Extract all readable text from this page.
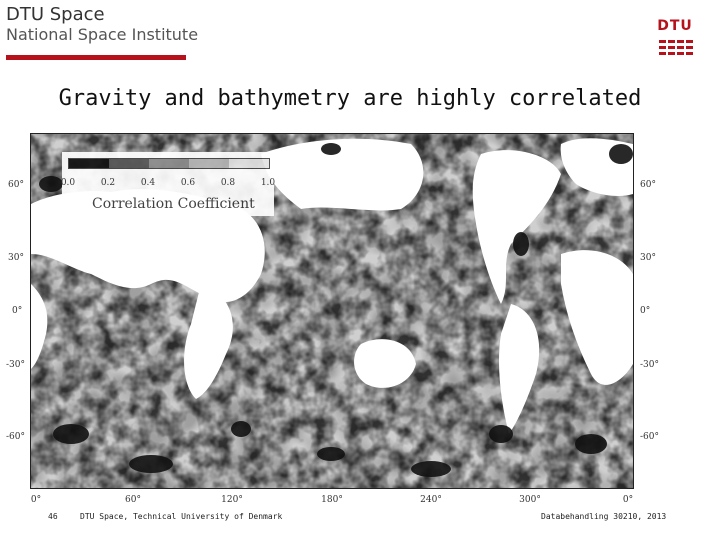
DTU Space
National Space Institute	DTU
Gravity and bathymetry are highly correlated
0.0	0.2	0.4	0.6	0.8	1.0
Correlation Coefficient
60°
30°
0°
-30°
-60°
60°
30°
0°
-30°
-60°
0°	60°	120°	180°	240°	300°	0°
46	DTU Space, Technical University of Denmark	Databehandling 30210, 2013
